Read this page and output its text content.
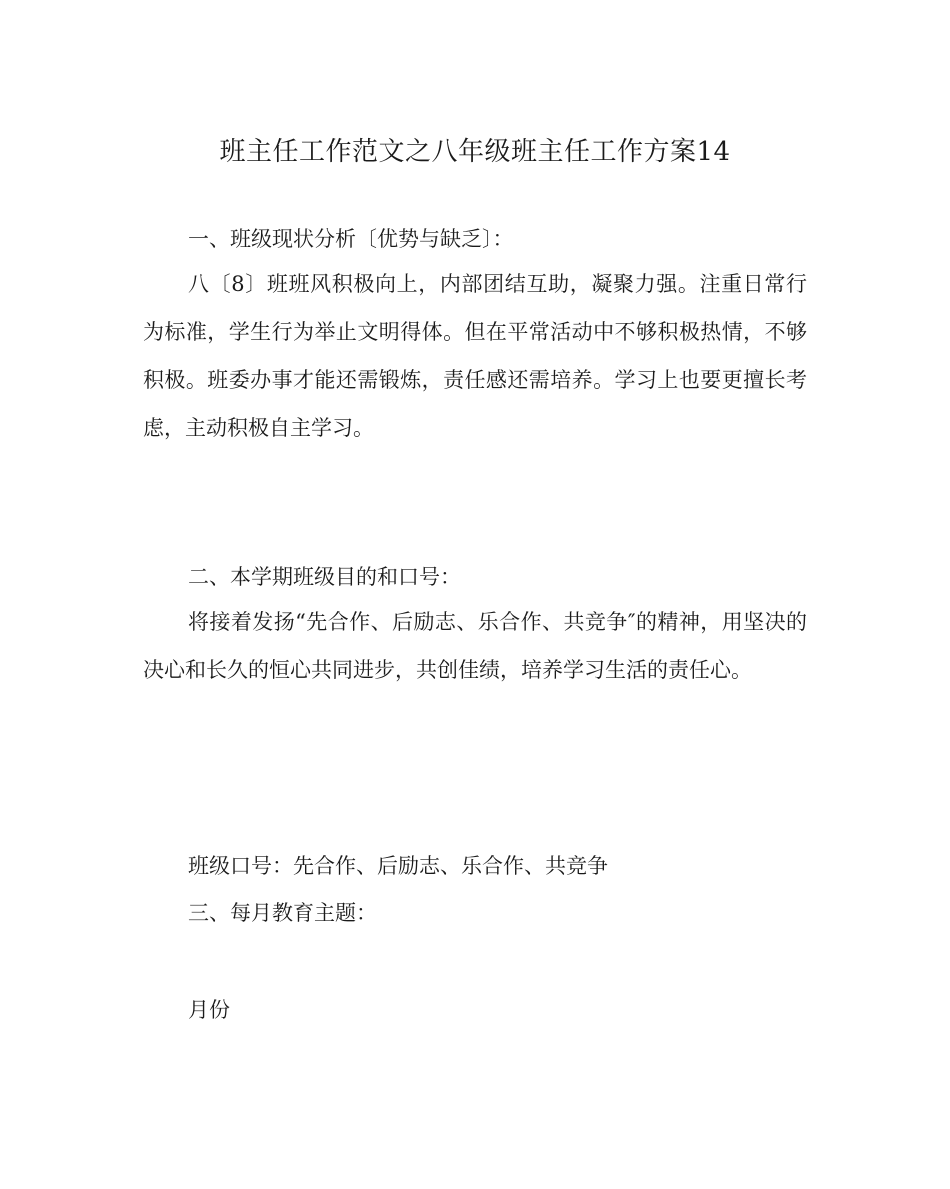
班主任工作范文之八年级班主任工作方案14
一、班级现状分析〔优势与缺乏〕：
八〔8〕班班风积极向上，内部团结互助，凝聚力强。注重日常行为标准，学生行为举止文明得体。但在平常活动中不够积极热情，不够积极。班委办事才能还需锻炼，责任感还需培养。学习上也要更擅长考虑，主动积极自主学习。
二、本学期班级目的和口号：
将接着发扬“先合作、后励志、乐合作、共竞争″的精神，用坚决的决心和长久的恒心共同进步，共创佳绩，培养学习生活的责任心。
班级口号：先合作、后励志、乐合作、共竞争
三、每月教育主题：
月份
